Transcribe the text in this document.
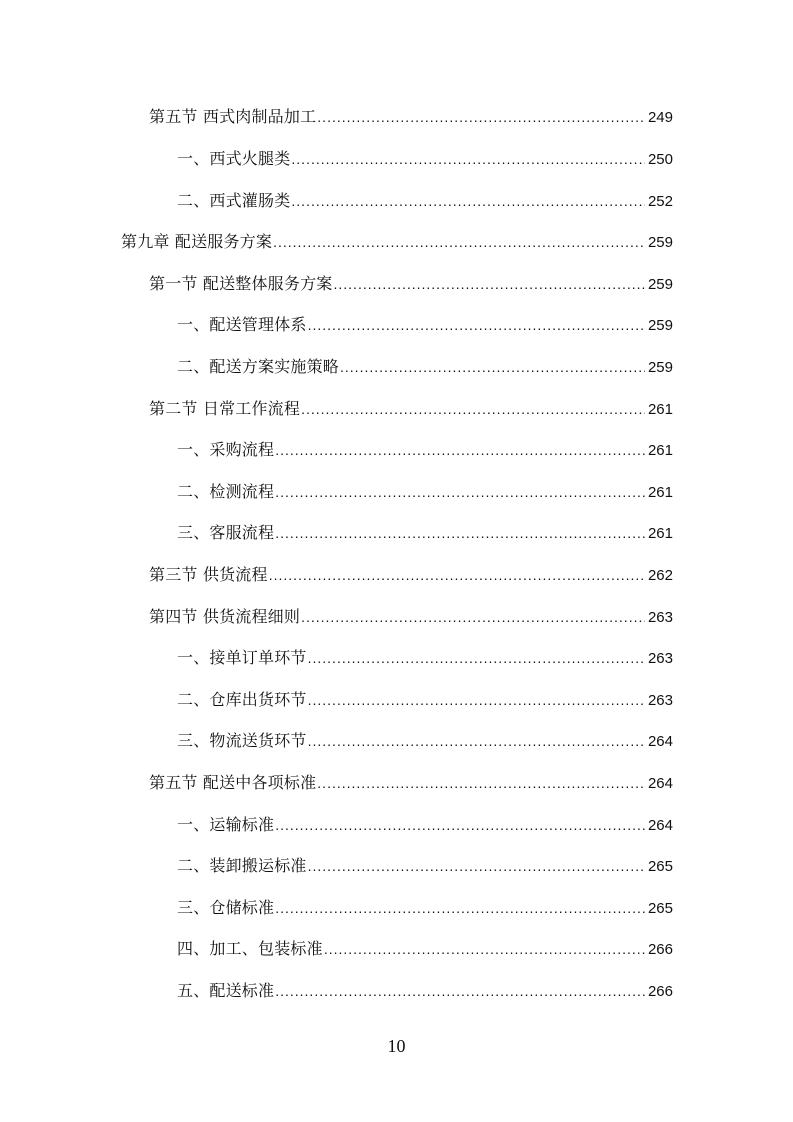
第五节 西式肉制品加工 .....	249
一、西式火腿类 .....	250
二、西式灌肠类 .....	252
第九章 配送服务方案 .....	259
第一节 配送整体服务方案 .....	259
一、配送管理体系 .....	259
二、配送方案实施策略 .....	259
第二节 日常工作流程 .....	261
一、采购流程 .....	261
二、检测流程 .....	261
三、客服流程 .....	261
第三节 供货流程 .....	262
第四节 供货流程细则 .....	263
一、接单订单环节 .....	263
二、仓库出货环节 .....	263
三、物流送货环节 .....	264
第五节 配送中各项标准 .....	264
一、运输标准 .....	264
二、装卸搬运标准 .....	265
三、仓储标准 .....	265
四、加工、包装标准 .....	266
五、配送标准 .....	266
10
